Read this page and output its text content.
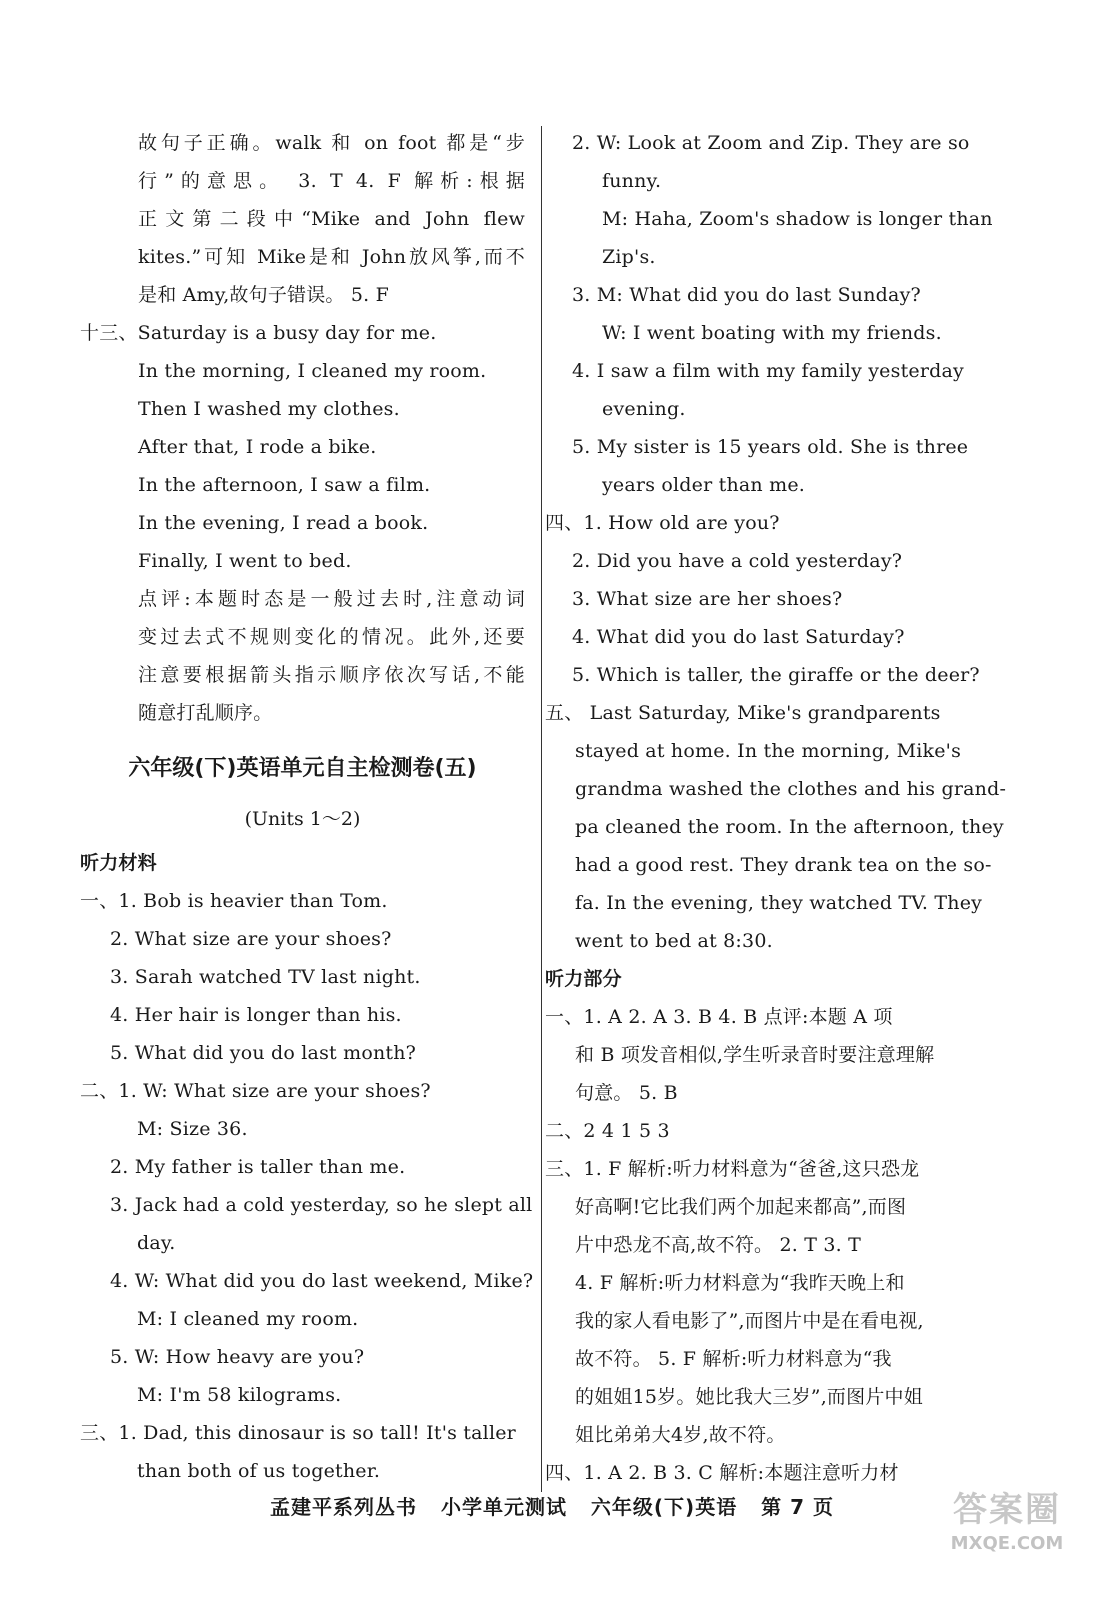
故句子正确。walk 和 on foot 都是“步
行”的意思。 3. T 4. F 解析:根据
正文第二段中“Mike and John flew
kites.”可知 Mike是和 John放风筝,而不
是和 Amy,故句子错误。 5. F
十三、Saturday is a busy day for me.
In the morning, I cleaned my room.
Then I washed my clothes.
After that, I rode a bike.
In the afternoon, I saw a film.
In the evening, I read a book.
Finally, I went to bed.
点评:本题时态是一般过去时,注意动词
变过去式不规则变化的情况。此外,还要
注意要根据箭头指示顺序依次写话,不能
随意打乱顺序。
六年级(下)英语单元自主检测卷(五)
(Units 1～2)
听力材料
一、1. Bob is heavier than Tom.
2. What size are your shoes?
3. Sarah watched TV last night.
4. Her hair is longer than his.
5. What did you do last month?
二、1. W: What size are your shoes?
M: Size 36.
2. My father is taller than me.
3. Jack had a cold yesterday, so he slept all
day.
4. W: What did you do last weekend, Mike?
M: I cleaned my room.
5. W: How heavy are you?
M: I'm 58 kilograms.
三、1. Dad, this dinosaur is so tall! It's taller
than both of us together.
2. W: Look at Zoom and Zip. They are so
funny.
M: Haha, Zoom's shadow is longer than
Zip's.
3. M: What did you do last Sunday?
W: I went boating with my friends.
4. I saw a film with my family yesterday
evening.
5. My sister is 15 years old. She is three
years older than me.
四、1. How old are you?
2. Did you have a cold yesterday?
3. What size are her shoes?
4. What did you do last Saturday?
5. Which is taller, the giraffe or the deer?
五、 Last Saturday, Mike's grandparents
stayed at home. In the morning, Mike's
grandma washed the clothes and his grand-
pa cleaned the room. In the afternoon, they
had a good rest. They drank tea on the so-
fa. In the evening, they watched TV. They
went to bed at 8:30.
听力部分
一、1. A 2. A 3. B 4. B 点评:本题 A 项
和 B 项发音相似,学生听录音时要注意理解
句意。 5. B
二、2 4 1 5 3
三、1. F 解析:听力材料意为“爸爸,这只恐龙
好高啊!它比我们两个加起来都高”,而图
片中恐龙不高,故不符。 2. T 3. T
4. F 解析:听力材料意为“我昨天晚上和
我的家人看电影了”,而图片中是在看电视,
故不符。 5. F 解析:听力材料意为“我
的姐姐15岁。她比我大三岁”,而图片中姐
姐比弟弟大4岁,故不符。
四、1. A 2. B 3. C 解析:本题注意听力材
孟建平系列丛书 小学单元测试 六年级(下)英语 第 7 页	答案圈
MXQE.COM
